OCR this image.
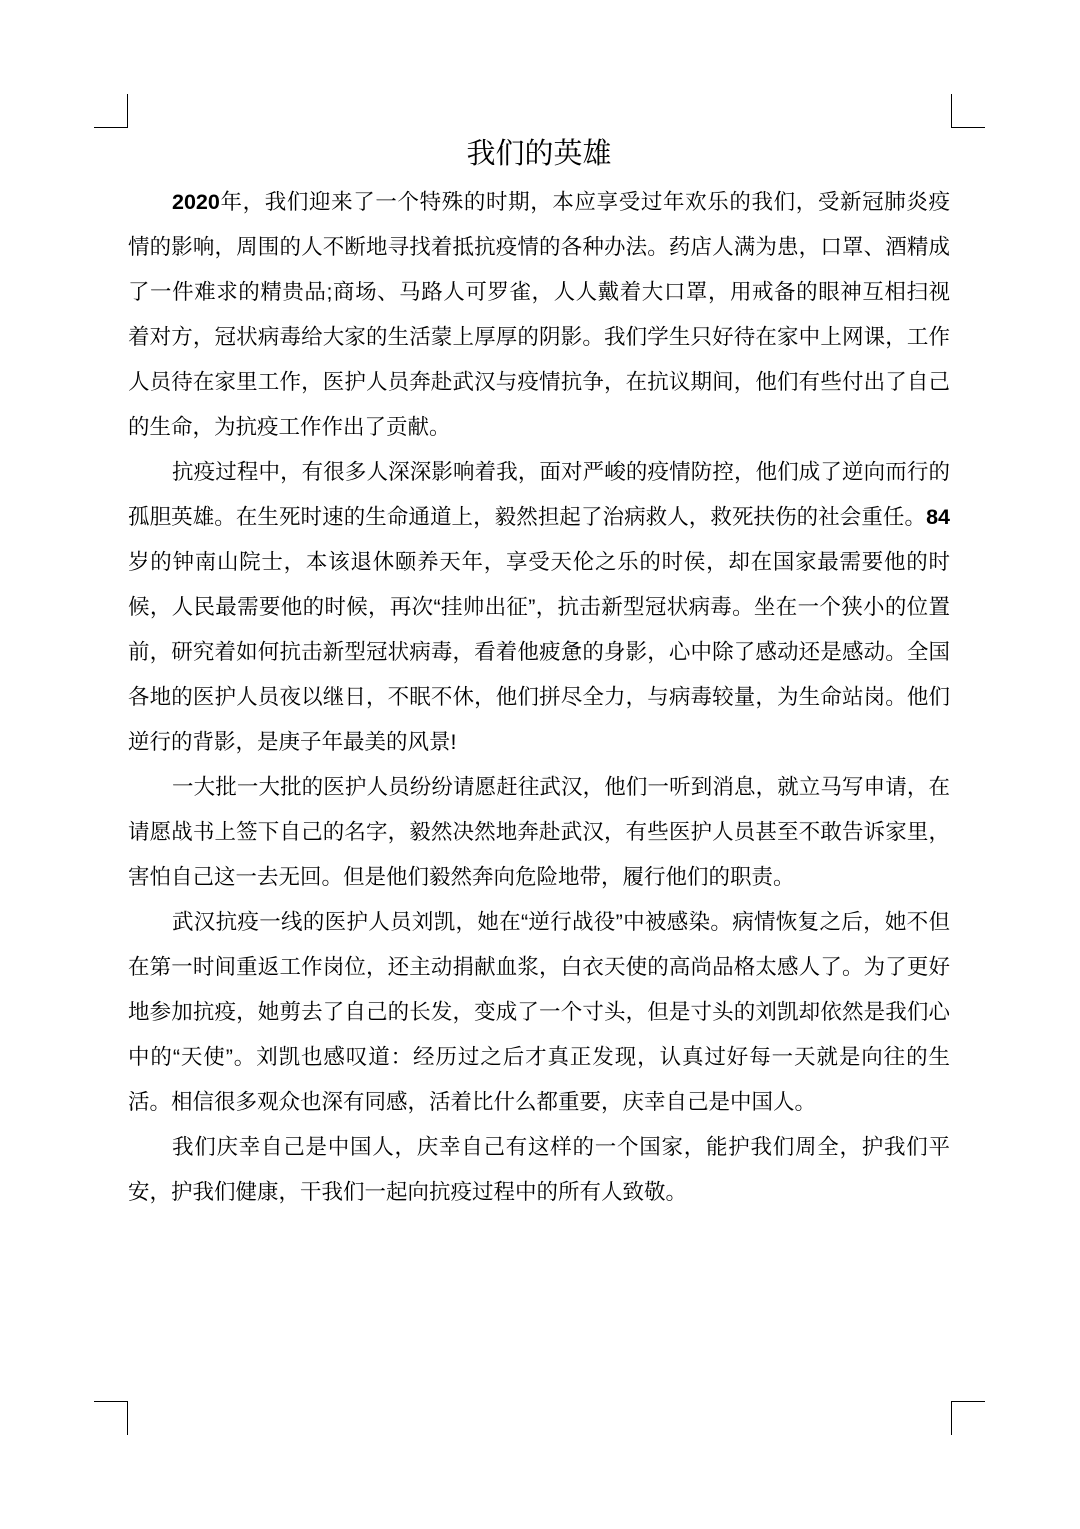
我们的英雄

2020年，我们迎来了一个特殊的时期，本应享受过年欢乐的我们，受新冠肺炎疫情的影响，周围的人不断地寻找着抵抗疫情的各种办法。药店人满为患，口罩、酒精成了一件难求的精贵品;商场、马路人可罗雀，人人戴着大口罩，用戒备的眼神互相扫视着对方，冠状病毒给大家的生活蒙上厚厚的阴影。我们学生只好待在家中上网课，工作人员待在家里工作，医护人员奔赴武汉与疫情抗争，在抗议期间，他们有些付出了自己的生命，为抗疫工作作出了贡献。

抗疫过程中，有很多人深深影响着我，面对严峻的疫情防控，他们成了逆向而行的孤胆英雄。在生死时速的生命通道上，毅然担起了治病救人，救死扶伤的社会重任。84岁的钟南山院士，本该退休颐养天年，享受天伦之乐的时侯，却在国家最需要他的时候，人民最需要他的时候，再次“挂帅出征”，抗击新型冠状病毒。坐在一个狭小的位置前，研究着如何抗击新型冠状病毒，看着他疲惫的身影，心中除了感动还是感动。全国各地的医护人员夜以继日，不眠不休，他们拼尽全力，与病毒较量，为生命站岗。他们逆行的背影，是庚子年最美的风景!

一大批一大批的医护人员纷纷请愿赶往武汉，他们一听到消息，就立马写申请，在请愿战书上签下自己的名字，毅然决然地奔赴武汉，有些医护人员甚至不敢告诉家里，害怕自己这一去无回。但是他们毅然奔向危险地带，履行他们的职责。

武汉抗疫一线的医护人员刘凯，她在“逆行战役”中被感染。病情恢复之后，她不但在第一时间重返工作岗位，还主动捐献血浆，白衣天使的高尚品格太感人了。为了更好地参加抗疫，她剪去了自己的长发，变成了一个寸头，但是寸头的刘凯却依然是我们心中的“天使”。刘凯也感叹道：经历过之后才真正发现，认真过好每一天就是向往的生活。相信很多观众也深有同感，活着比什么都重要，庆幸自己是中国人。

我们庆幸自己是中国人，庆幸自己有这样的一个国家，能护我们周全，护我们平安，护我们健康，干我们一起向抗疫过程中的所有人致敬。
